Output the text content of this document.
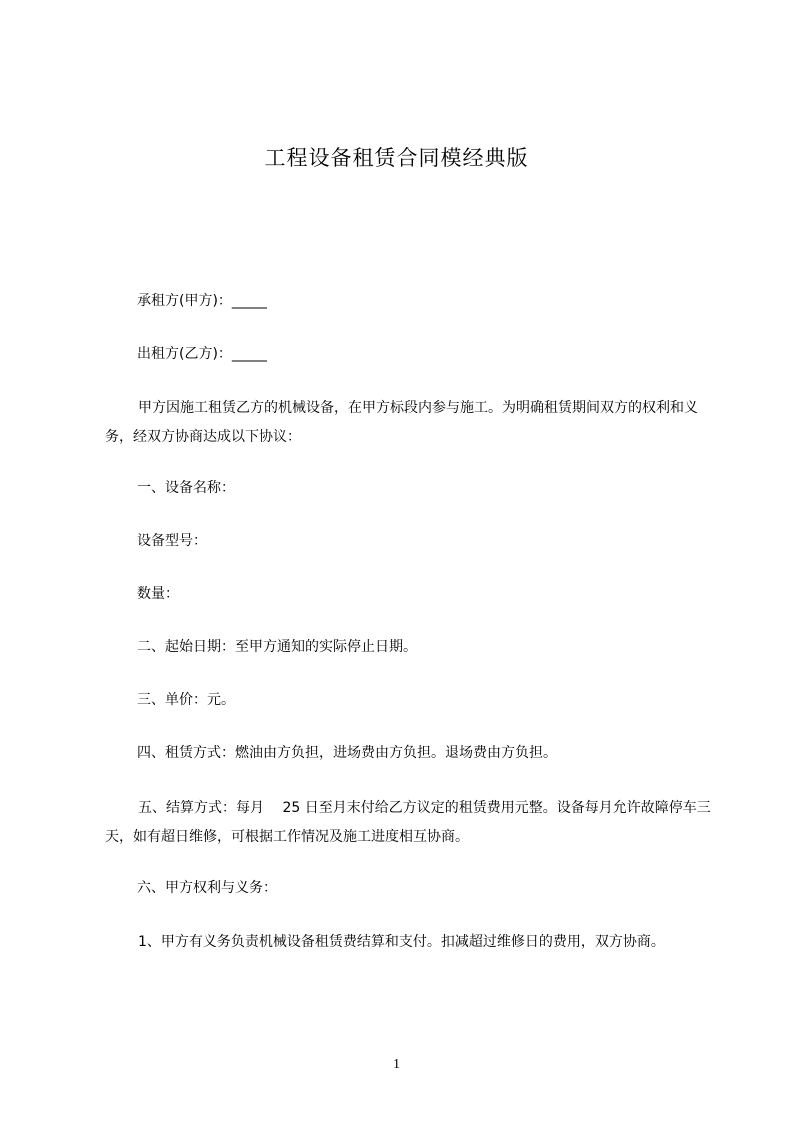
工程设备租赁合同模经典版
承租方(甲方)：_____
出租方(乙方)：_____
甲方因施工租赁乙方的机械设备，在甲方标段内参与施工。为明确租赁期间双方的权利和义务，经双方协商达成以下协议：
一、设备名称：
设备型号：
数量：
二、起始日期：至甲方通知的实际停止日期。
三、单价：元。
四、租赁方式：燃油由方负担，进场费由方负担。退场费由方负担。
五、结算方式：每月　 25 日至月末付给乙方议定的租赁费用元整。设备每月允许故障停车三天，如有超日维修，可根据工作情况及施工进度相互协商。
六、甲方权利与义务：
1、甲方有义务负责机械设备租赁费结算和支付。扣减超过维修日的费用，双方协商。
1
